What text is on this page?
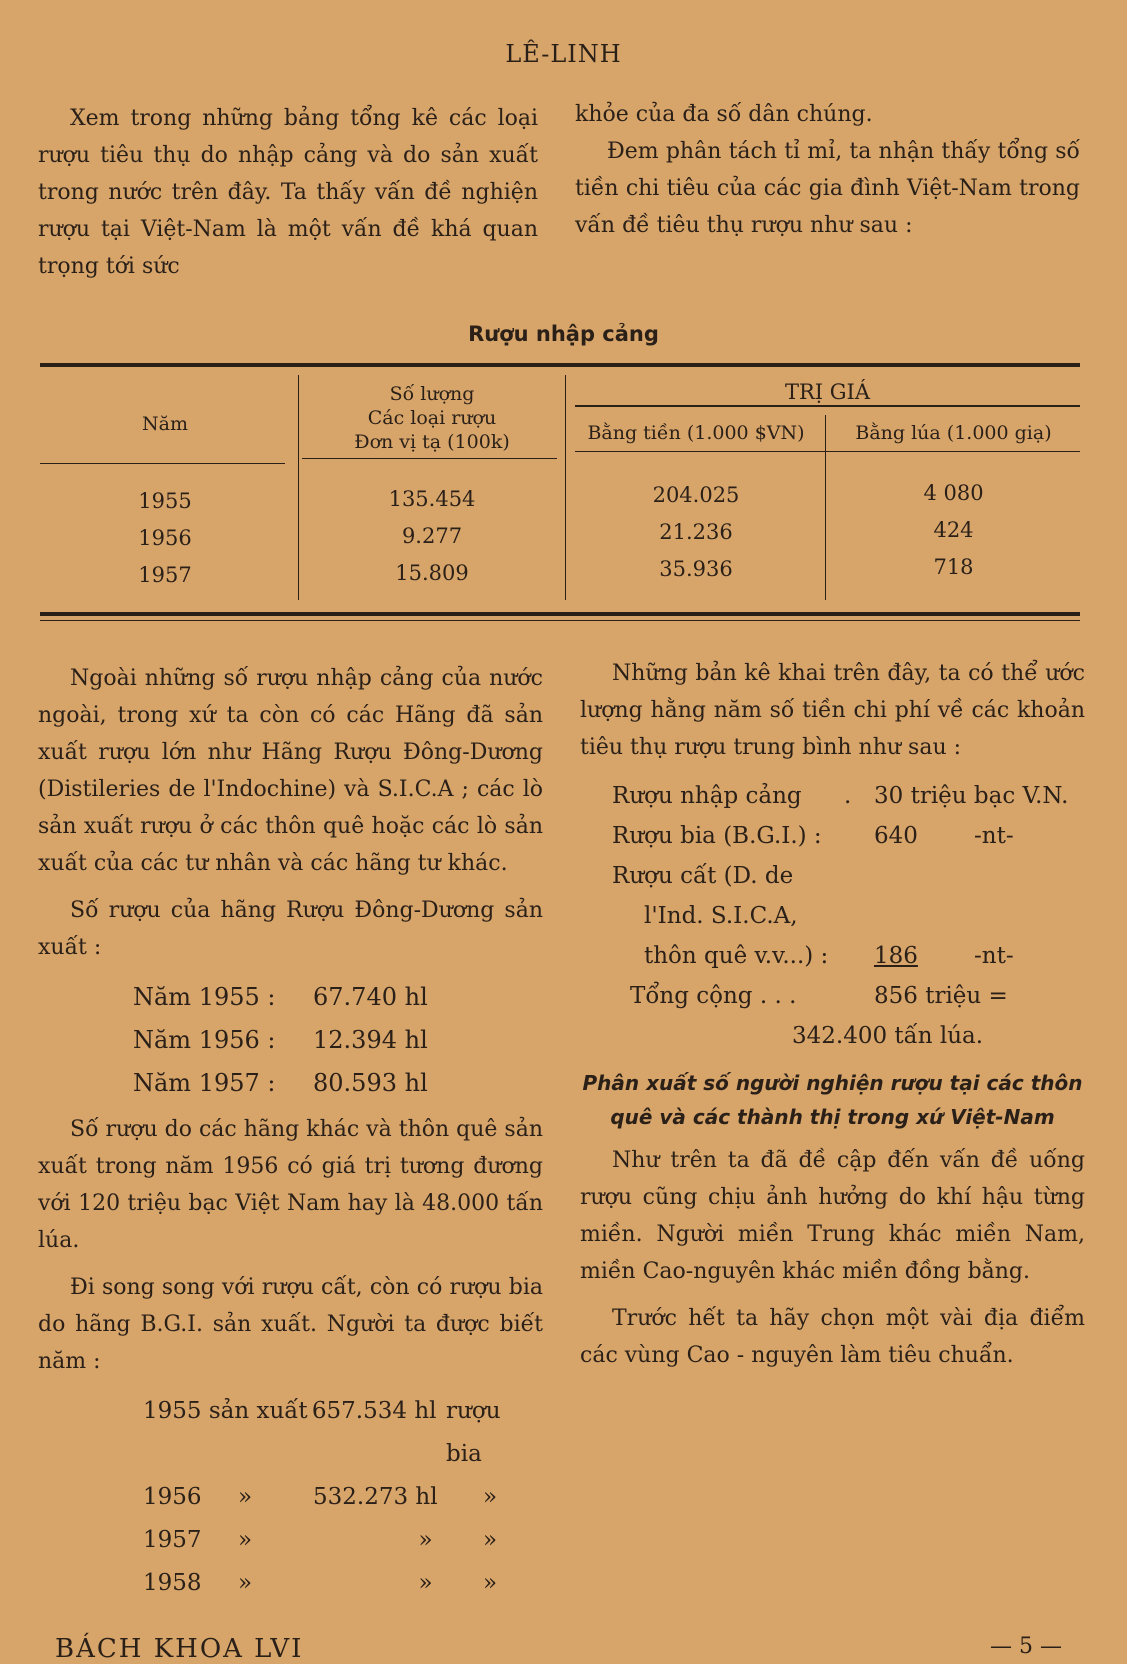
LÊ-LINH

Xem trong những bảng tổng kê các loại rượu tiêu thụ do nhập cảng và do sản xuất trong nước trên đây. Ta thấy vấn đề nghiện rượu tại Việt-Nam là một vấn đề khá quan trọng tới sức

khỏe của đa số dân chúng.

Đem phân tách tỉ mỉ, ta nhận thấy tổng số tiền chi tiêu của các gia đình Việt-Nam trong vấn đề tiêu thụ rượu như sau :

Rượu nhập cảng
Năm
Số lượng
Các loại rượu
Đơn vị tạ (100k)
TRỊ GIÁ
Bằng tiền (1.000 $VN)	Bằng lúa (1.000 giạ)
1955	135.454	204.025	4 080
1956	9.277	21.236	424
1957	15.809	35.936	718

Ngoài những số rượu nhập cảng của nước ngoài, trong xứ ta còn có các Hãng đã sản xuất rượu lớn như Hãng Rượu Đông-Dương (Distileries de l'Indochine) và S.I.C.A ; các lò sản xuất rượu ở các thôn quê hoặc các lò sản xuất của các tư nhân và các hãng tư khác.

Số rượu của hãng Rượu Đông-Dương sản xuất :

Năm 1955 :	67.740 hl
Năm 1956 :	12.394 hl
Năm 1957 :	80.593 hl

Số rượu do các hãng khác và thôn quê sản xuất trong năm 1956 có giá trị tương đương với 120 triệu bạc Việt Nam hay là 48.000 tấn lúa.

Đi song song với rượu cất, còn có rượu bia do hãng B.G.I. sản xuất. Người ta được biết năm :

1955 sản xuất 657.534 hl rượu bia
1956	»	532.273 hl	»
1957	»	»	»
1958	»	»	»

Những bản kê khai trên đây, ta có thể ước lượng hằng năm số tiền chi phí về các khoản tiêu thụ rượu trung bình như sau :

Rượu nhập cảng	. 30 triệu bạc V.N.
Rượu bia (B.G.I.) :	640	-nt-
Rượu cất (D. de
l'Ind. S.I.C.A,
thôn quê v.v...) :	186	-nt-
Tổng cộng . . .	856 triệu =
342.400 tấn lúa.
Phân xuất số người nghiện rượu tại các thôn quê và các thành thị trong xứ Việt-Nam

Như trên ta đã đề cập đến vấn đề uống rượu cũng chịu ảnh hưởng do khí hậu từng miền. Người miền Trung khác miền Nam, miền Cao-nguyên khác miền đồng bằng.

Trước hết ta hãy chọn một vài địa điểm các vùng Cao - nguyên làm tiêu chuẩn.

BÁCH KHOA LVI	— 5 —
